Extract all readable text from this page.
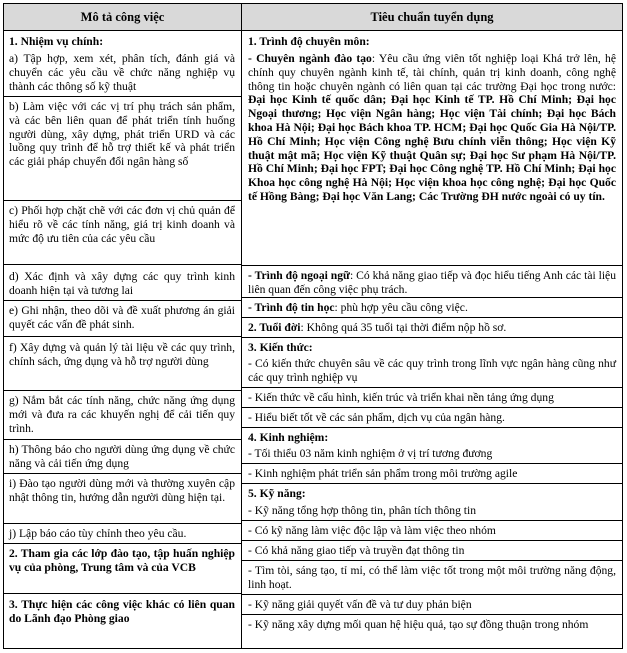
Mô tả công việc	Tiêu chuẩn tuyển dụng
1. Nhiệm vụ chính:
a) Tập hợp, xem xét, phân tích, đánh giá và chuyển các yêu cầu về chức năng nghiệp vụ thành các thông số kỹ thuật
b) Làm việc với các vị trí phụ trách sản phẩm, và các bên liên quan để phát triển tính huống người dùng, xây dựng, phát triển URD và các luồng quy trình để hỗ trợ thiết kế và phát triển các giải pháp chuyển đổi ngân hàng số
c) Phối hợp chặt chẽ với các đơn vị chủ quản để hiểu rõ về các tính năng, giá trị kinh doanh và mức độ ưu tiên của các yêu cầu
d) Xác định và xây dựng các quy trình kinh doanh hiện tại và tương lai
e) Ghi nhận, theo dõi và đề xuất phương án giải quyết các vấn đề phát sinh.
f) Xây dựng và quản lý tài liệu về các quy trình, chính sách, ứng dụng và hỗ trợ người dùng
g) Nắm bắt các tính năng, chức năng ứng dụng mới và đưa ra các khuyến nghị để cải tiến quy trình.
h) Thông báo cho người dùng ứng dụng về chức năng và cải tiến ứng dụng
i) Đào tạo người dùng mới và thường xuyên cập nhật thông tin, hướng dẫn người dùng hiện tại.
j) Lập báo cáo tùy chỉnh theo yêu cầu.
2. Tham gia các lớp đào tạo, tập huấn nghiệp vụ của phòng, Trung tâm và của VCB
3. Thực hiện các công việc khác có liên quan do Lãnh đạo Phòng giao
1. Trình độ chuyên môn:
- Chuyên ngành đào tạo: Yêu cầu ứng viên tốt nghiệp loại Khá trở lên, hệ chính quy chuyên ngành kinh tế, tài chính, quản trị kinh doanh, công nghệ thông tin hoặc chuyên ngành có liên quan tại các trường Đại học trong nước: Đại học Kinh tế quốc dân; Đại học Kinh tế TP. Hồ Chí Minh; Đại học Ngoại thương; Học viện Ngân hàng; Học viện Tài chính; Đại học Bách khoa Hà Nội; Đại học Bách khoa TP. HCM; Đại học Quốc Gia Hà Nội/TP. Hồ Chí Minh; Học viện Công nghệ Bưu chính viễn thông; Học viện Kỹ thuật mật mã; Học viện Kỹ thuật Quân sự; Đại học Sư phạm Hà Nội/TP. Hồ Chí Minh; Đại học FPT; Đại học Công nghệ TP. Hồ Chí Minh; Đại học Khoa học công nghệ Hà Nội; Học viện khoa học công nghệ; Đại học Quốc tế Hồng Bàng; Đại học Văn Lang; Các Trường ĐH nước ngoài có uy tín.
- Trình độ ngoại ngữ: Có khả năng giao tiếp và đọc hiểu tiếng Anh các tài liệu liên quan đến công việc phụ trách.
- Trình độ tin học: phù hợp yêu cầu công việc.
2. Tuổi đời: Không quá 35 tuổi tại thời điểm nộp hồ sơ.
3. Kiến thức:
- Có kiến thức chuyên sâu về các quy trình trong lĩnh vực ngân hàng cũng như các quy trình nghiệp vụ
- Kiến thức về cấu hình, kiến trúc và triển khai nền tảng ứng dụng
- Hiểu biết tốt về các sản phẩm, dịch vụ của ngân hàng.
4. Kinh nghiệm:
- Tối thiểu 03 năm kinh nghiệm ở vị trí tương đương
- Kinh nghiệm phát triển sản phẩm trong môi trường agile
5. Kỹ năng:
- Kỹ năng tổng hợp thông tin, phân tích thông tin
- Có kỹ năng làm việc độc lập và làm việc theo nhóm
- Có khả năng giao tiếp và truyền đạt thông tin
- Tìm tòi, sáng tạo, tỉ mỉ, có thể làm việc tốt trong một môi trường năng động, linh hoạt.
- Kỹ năng giải quyết vấn đề và tư duy phản biện
- Kỹ năng xây dựng mối quan hệ hiệu quả, tạo sự đồng thuận trong nhóm
